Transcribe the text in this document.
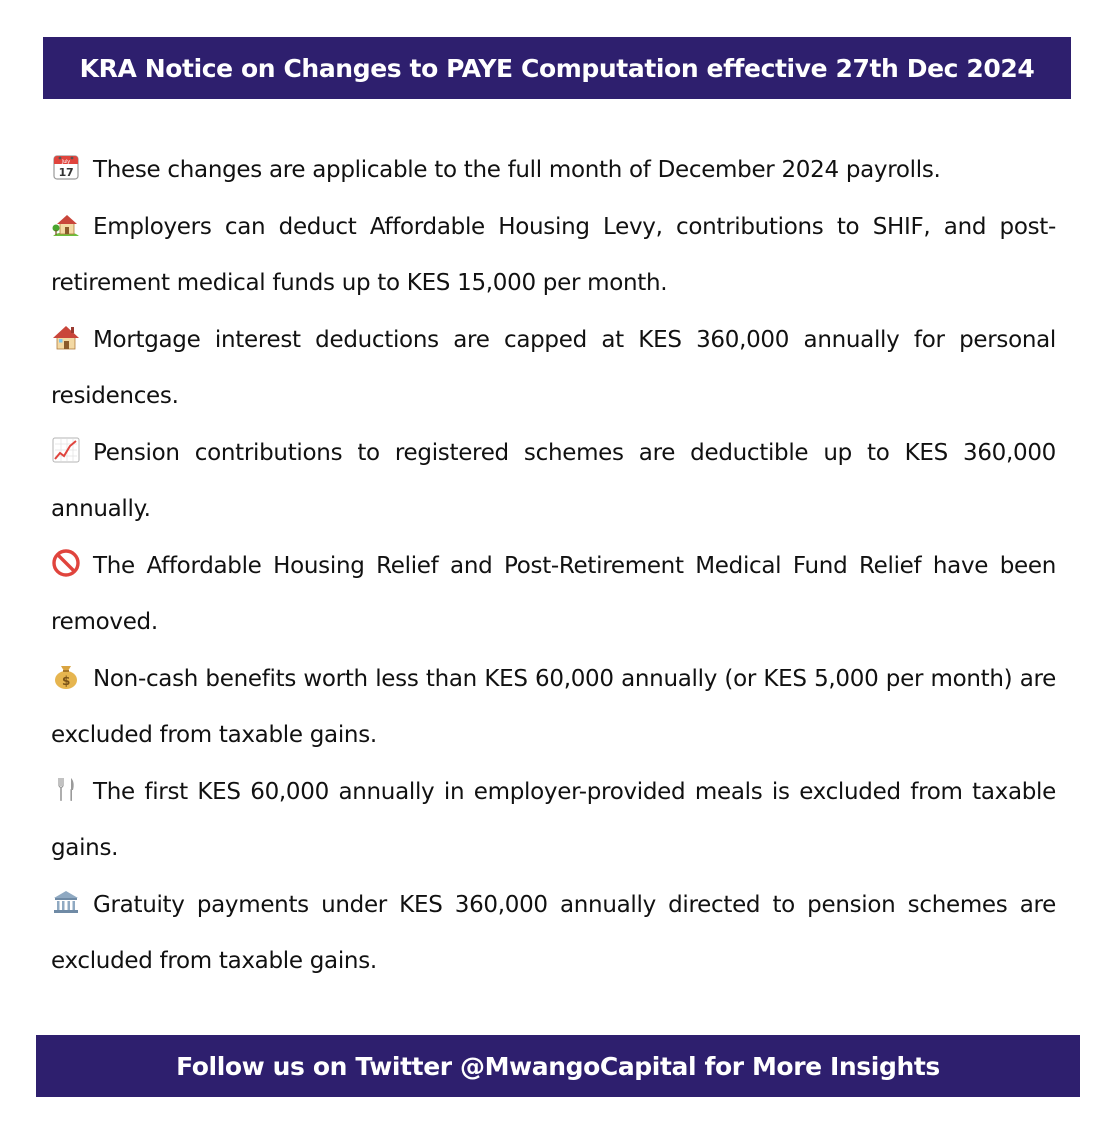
KRA Notice on Changes to PAYE Computation effective 27th Dec 2024
July
17 These changes are applicable to the full month of December 2024 payrolls.
Employers can deduct Affordable Housing Levy, contributions to SHIF, and post-retirement medical funds up to KES 15,000 per month.
Mortgage interest deductions are capped at KES 360,000 annually for personal residences.
Pension contributions to registered schemes are deductible up to KES 360,000 annually.
The Affordable Housing Relief and Post-Retirement Medical Fund Relief have been removed.
$ Non-cash benefits worth less than KES 60,000 annually (or KES 5,000 per month) are excluded from taxable gains.
The first KES 60,000 annually in employer-provided meals is excluded from taxable gains.
Gratuity payments under KES 360,000 annually directed to pension schemes are excluded from taxable gains.
Follow us on Twitter @MwangoCapital for More Insights
